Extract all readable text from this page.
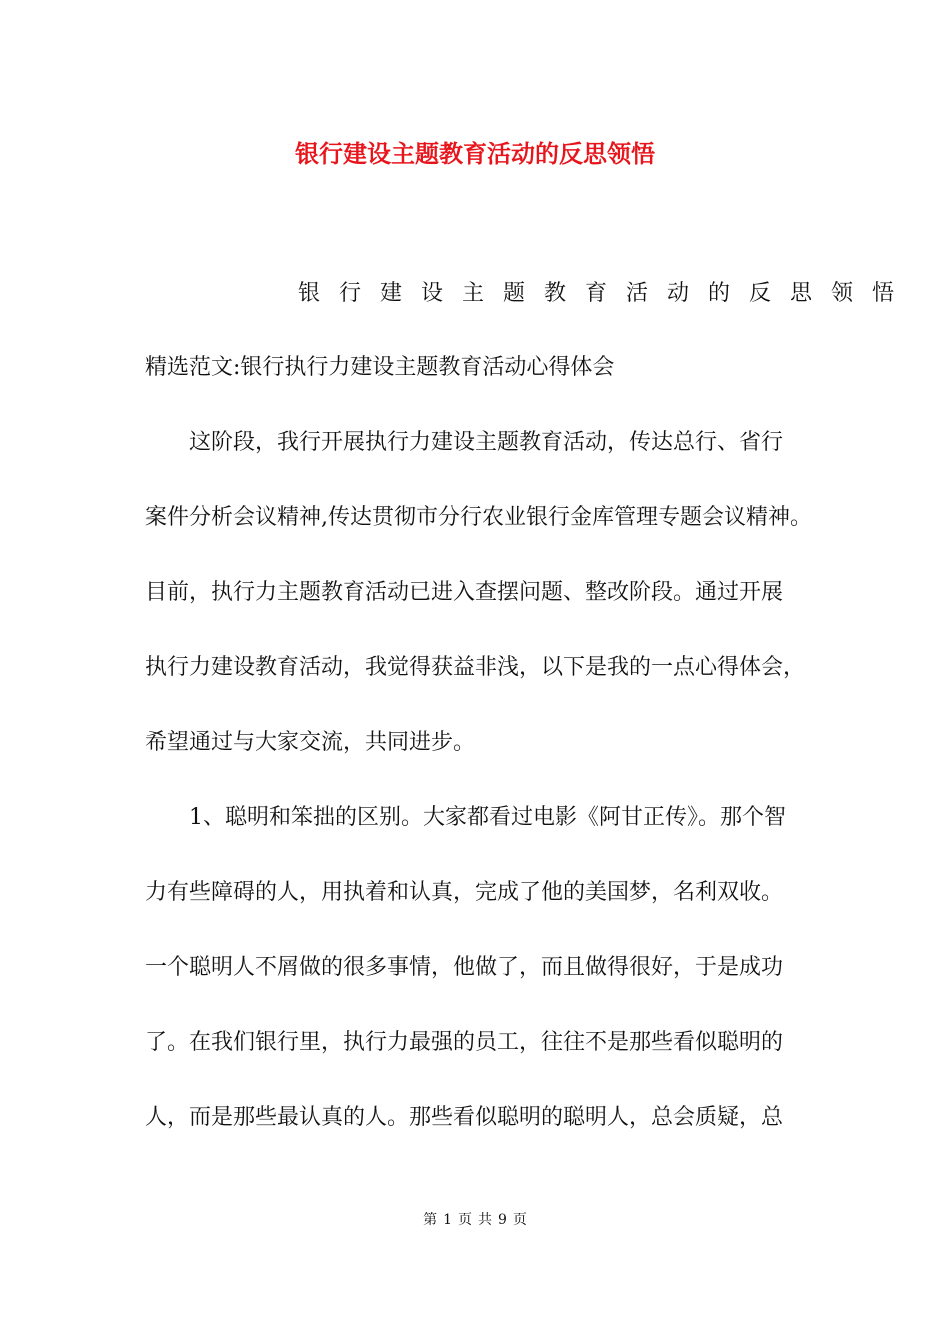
银行建设主题教育活动的反思领悟
银行建设主题教育活动的反思领悟
精选范文:银行执行力建设主题教育活动心得体会
这阶段，我行开展执行力建设主题教育活动，传达总行、省行
案件分析会议精神,传达贯彻市分行农业银行金库管理专题会议精神。
目前，执行力主题教育活动已进入查摆问题、整改阶段。通过开展
执行力建设教育活动，我觉得获益非浅，以下是我的一点心得体会，
希望通过与大家交流，共同进步。
1、聪明和笨拙的区别。大家都看过电影《阿甘正传》。那个智
力有些障碍的人，用执着和认真，完成了他的美国梦，名利双收。
一个聪明人不屑做的很多事情，他做了，而且做得很好，于是成功
了。在我们银行里，执行力最强的员工，往往不是那些看似聪明的
人，而是那些最认真的人。那些看似聪明的聪明人，总会质疑，总
第 1 页 共 9 页
